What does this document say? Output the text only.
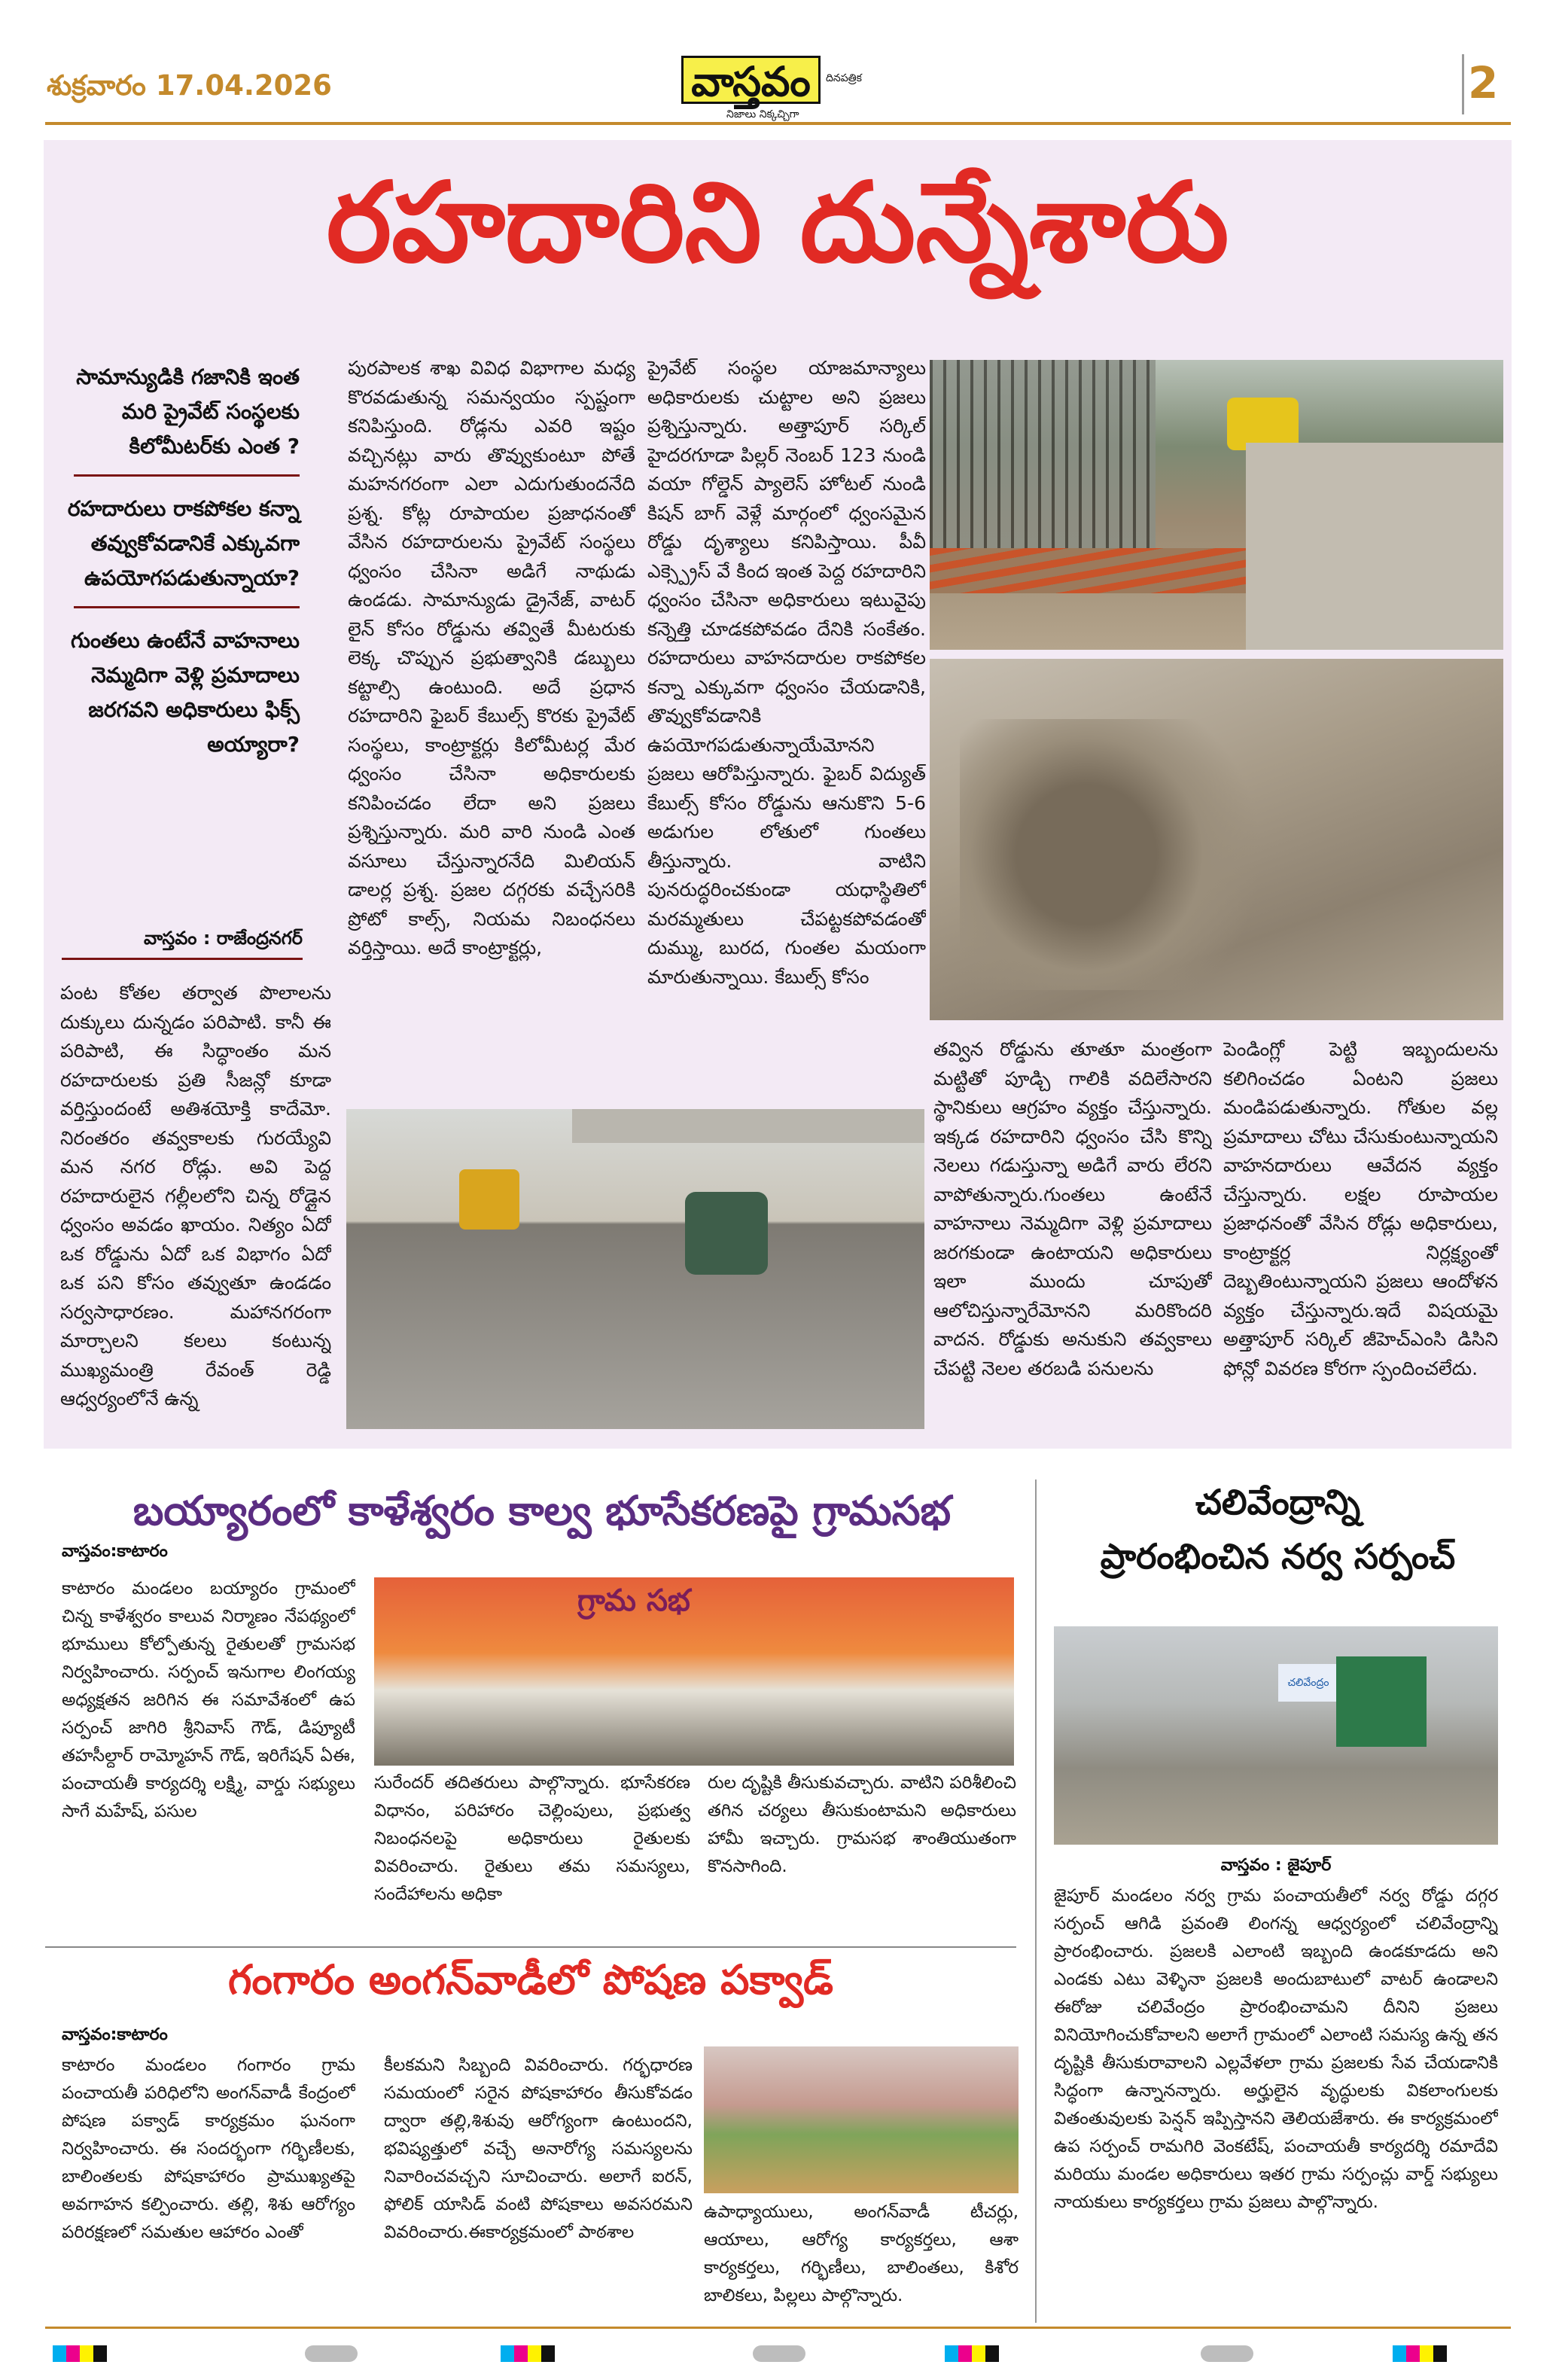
శుక్రవారం 17.04.2026	వాస్తవం	దినపత్రిక
నిజాలు నిక్కచ్చిగా
2
రహదారిని దున్నేశారు
సామాన్యుడికి గజానికి ఇంత మరి ప్రైవేట్ సంస్థలకు కిలోమీటర్‌కు ఎంత ?
రహదారులు రాకపోకల కన్నా తవ్వుకోవడానికే ఎక్కువగా ఉపయోగపడుతున్నాయా?
గుంతలు ఉంటేనే వాహనాలు నెమ్మదిగా వెళ్లి ప్రమాదాలు జరగవని అధికారులు ఫిక్స్ అయ్యారా?
వాస్తవం : రాజేంద్రనగర్
పంట కోతల తర్వాత పొలాలను దుక్కులు దున్నడం పరిపాటి. కానీ ఈ పరిపాటి, ఈ సిద్ధాంతం మన రహదారులకు ప్రతి సీజన్లో కూడా వర్తిస్తుందంటే అతిశయోక్తి కాదేమో. నిరంతరం తవ్వకాలకు గురయ్యేవి మన నగర రోడ్లు. అవి పెద్ద రహదారులైన గల్లీలలోని చిన్న రోడ్లైన ధ్వంసం అవడం ఖాయం. నిత్యం ఏదో ఒక రోడ్డును ఏదో ఒక విభాగం ఏదో ఒక పని కోసం తవ్వుతూ ఉండడం సర్వసాధారణం. మహానగరంగా మార్చాలని కలలు కంటున్న ముఖ్యమంత్రి రేవంత్ రెడ్డి ఆధ్వర్యంలోనే ఉన్న
పురపాలక శాఖ వివిధ విభాగాల మధ్య కొరవడుతున్న సమన్వయం స్పష్టంగా కనిపిస్తుంది. రోడ్లను ఎవరి ఇష్టం వచ్చినట్లు వారు తొవ్వుకుంటూ పోతే మహనగరంగా ఎలా ఎదుగుతుందనేది ప్రశ్న. కోట్ల రూపాయల ప్రజాధనంతో వేసిన రహదారులను ప్రైవేట్ సంస్థలు ధ్వంసం చేసినా అడిగే నాథుడు ఉండడు. సామాన్యుడు డ్రైనేజ్, వాటర్ లైన్ కోసం రోడ్డును తవ్వితే మీటరుకు లెక్క చొప్పున ప్రభుత్వానికి డబ్బులు కట్టాల్సి ఉంటుంది. అదే ప్రధాన రహదారిని ఫైబర్ కేబుల్స్ కొరకు ప్రైవేట్ సంస్థలు, కాంట్రాక్టర్లు కిలోమీటర్ల మేర ధ్వంసం చేసినా అధికారులకు కనిపించడం లేదా అని ప్రజలు ప్రశ్నిస్తున్నారు. మరి వారి నుండి ఎంత వసూలు చేస్తున్నారనేది మిలియన్ డాలర్ల ప్రశ్న. ప్రజల దగ్గరకు వచ్చేసరికి ప్రోటో కాల్స్, నియమ నిబంధనలు వర్తిస్తాయి. అదే కాంట్రాక్టర్లు,
ప్రైవేట్ సంస్థల యాజమాన్యాలు అధికారులకు చుట్టాల అని ప్రజలు ప్రశ్నిస్తున్నారు. అత్తాపూర్ సర్కిల్ హైదరగూడా పిల్లర్ నెంబర్ 123 నుండి వయా గోల్డెన్ ప్యాలెస్ హోటల్ నుండి కిషన్ బాగ్ వెళ్లే మార్గంలో ధ్వంసమైన రోడ్డు దృశ్యాలు కనిపిస్తాయి. పీవీ ఎక్స్ప్రెస్ వే కింద ఇంత పెద్ద రహదారిని ధ్వంసం చేసినా అధికారులు ఇటువైపు కన్నెత్తి చూడకపోవడం దేనికి సంకేతం. రహదారులు వాహనదారుల రాకపోకల కన్నా ఎక్కువగా ధ్వంసం చేయడానికి, తొవ్వుకోవడానికి ఉపయోగపడుతున్నాయేమోనని ప్రజలు ఆరోపిస్తున్నారు. ఫైబర్ విద్యుత్ కేబుల్స్ కోసం రోడ్డును ఆనుకొని 5-6 అడుగుల లోతులో గుంతలు తీస్తున్నారు. వాటిని పునరుద్ధరించకుండా యధాస్థితిలో మరమ్మతులు చేపట్టకపోవడంతో దుమ్ము, బురద, గుంతల మయంగా మారుతున్నాయి. కేబుల్స్ కోసం
తవ్విన రోడ్డును తూతూ మంత్రంగా మట్టితో పూడ్చి గాలికి వదిలేసారని స్థానికులు ఆగ్రహం వ్యక్తం చేస్తున్నారు. ఇక్కడ రహదారిని ధ్వంసం చేసి కొన్ని నెలలు గడుస్తున్నా అడిగే వారు లేరని వాపోతున్నారు.గుంతలు ఉంటేనే వాహనాలు నెమ్మదిగా వెళ్లి ప్రమాదాలు జరగకుండా ఉంటాయని అధికారులు ఇలా ముందు చూపుతో ఆలోచిస్తున్నారేమోనని మరికొందరి వాదన. రోడ్డుకు అనుకుని తవ్వకాలు చేపట్టి నెలల తరబడి పనులను
పెండింగ్లో పెట్టి ఇబ్బందులను కలిగించడం ఏంటని ప్రజలు మండిపడుతున్నారు. గోతుల వల్ల ప్రమాదాలు చోటు చేసుకుంటున్నాయని వాహనదారులు ఆవేదన వ్యక్తం చేస్తున్నారు. లక్షల రూపాయల ప్రజాధనంతో వేసిన రోడ్లు అధికారులు, కాంట్రాక్టర్ల నిర్లక్ష్యంతో దెబ్బతింటున్నాయని ప్రజలు ఆందోళన వ్యక్తం చేస్తున్నారు.ఇదే విషయమై అత్తాపూర్ సర్కిల్ జీహెచ్ఎంసి డిసిని ఫోన్లో వివరణ కోరగా స్పందించలేదు.
బయ్యారంలో కాళేశ్వరం కాల్వ భూసేకరణపై గ్రామసభ
వాస్తవం:కాటారం
కాటారం మండలం బయ్యారం గ్రామంలో చిన్న కాళేశ్వరం కాలువ నిర్మాణం నేపథ్యంలో భూములు కోల్పోతున్న రైతులతో గ్రామసభ నిర్వహించారు. సర్పంచ్ ఇనుగాల లింగయ్య అధ్యక్షతన జరిగిన ఈ సమావేశంలో ఉప సర్పంచ్ జాగిరి శ్రీనివాస్ గౌడ్, డిప్యూటీ తహసీల్దార్ రామ్మోహన్ గౌడ్, ఇరిగేషన్ ఏఈ, పంచాయతీ కార్యదర్శి లక్ష్మి, వార్డు సభ్యులు సాగే మహేష్, పసుల
గ్రామ సభ
సురేందర్ తదితరులు పాల్గొన్నారు. భూసేకరణ విధానం, పరిహారం చెల్లింపులు, ప్రభుత్వ నిబంధనలపై అధికారులు రైతులకు వివరించారు. రైతులు తమ సమస్యలు, సందేహాలను అధికా
రుల దృష్టికి తీసుకువచ్చారు. వాటిని పరిశీలించి తగిన చర్యలు తీసుకుంటామని అధికారులు హామీ ఇచ్చారు. గ్రామసభ శాంతియుతంగా కొనసాగింది.
చలివేంద్రాన్ని
ప్రారంభించిన నర్వ సర్పంచ్
చలివేంద్రం
వాస్తవం : జైపూర్
జైపూర్ మండలం నర్వ గ్రామ పంచాయతీలో నర్వ రోడ్డు దగ్గర సర్పంచ్ ఆగిడి ప్రవంతి లింగన్న ఆధ్వర్యంలో చలివేంద్రాన్ని ప్రారంభించారు. ప్రజలకి ఎలాంటి ఇబ్బంది ఉండకూడదు అని ఎండకు ఎటు వెళ్ళినా ప్రజలకి అందుబాటులో వాటర్ ఉండాలని ఈరోజు చలివేంద్రం ప్రారంభించామని దీనిని ప్రజలు వినియోగించుకోవాలని అలాగే గ్రామంలో ఎలాంటి సమస్య ఉన్న తన దృష్టికి తీసుకురావాలని ఎల్లవేళలా గ్రామ ప్రజలకు సేవ చేయడానికి సిద్ధంగా ఉన్నానన్నారు. అర్హులైన వృద్ధులకు వికలాంగులకు వితంతువులకు పెన్షన్ ఇప్పిస్తానని తెలియజేశారు. ఈ కార్యక్రమంలో ఉప సర్పంచ్ రామగిరి వెంకటేష్, పంచాయతీ కార్యదర్శి రమాదేవి మరియు మండల అధికారులు ఇతర గ్రామ సర్పంచ్లు వార్డ్ సభ్యులు నాయకులు కార్యకర్తలు గ్రామ ప్రజలు పాల్గొన్నారు.
గంగారం అంగన్‌వాడీలో పోషణ పక్వాడ్
వాస్తవం:కాటారం
కాటారం మండలం గంగారం గ్రామ పంచాయతీ పరిధిలోని అంగన్‌వాడీ కేంద్రంలో పోషణ పక్వాడ్ కార్యక్రమం ఘనంగా నిర్వహించారు. ఈ సందర్భంగా గర్భిణీలకు, బాలింతలకు పోషకాహారం ప్రాముఖ్యతపై అవగాహన కల్పించారు. తల్లి, శిశు ఆరోగ్యం పరిరక్షణలో సమతుల ఆహారం ఎంతో
కీలకమని సిబ్బంది వివరించారు. గర్భధారణ సమయంలో సరైన పోషకాహారం తీసుకోవడం ద్వారా తల్లి,శిశువు ఆరోగ్యంగా ఉంటుందని, భవిష్యత్తులో వచ్చే అనారోగ్య సమస్యలను నివారించవచ్చని సూచించారు. అలాగే ఐరన్, ఫోలిక్ యాసిడ్ వంటి పోషకాలు అవసరమని వివరించారు.ఈకార్యక్రమంలో పాఠశాల
ఉపాధ్యాయులు, అంగన్‌వాడీ టీచర్లు, ఆయాలు, ఆరోగ్య కార్యకర్తలు, ఆశా కార్యకర్తలు, గర్భిణీలు, బాలింతలు, కిశోర బాలికలు, పిల్లలు పాల్గొన్నారు.
